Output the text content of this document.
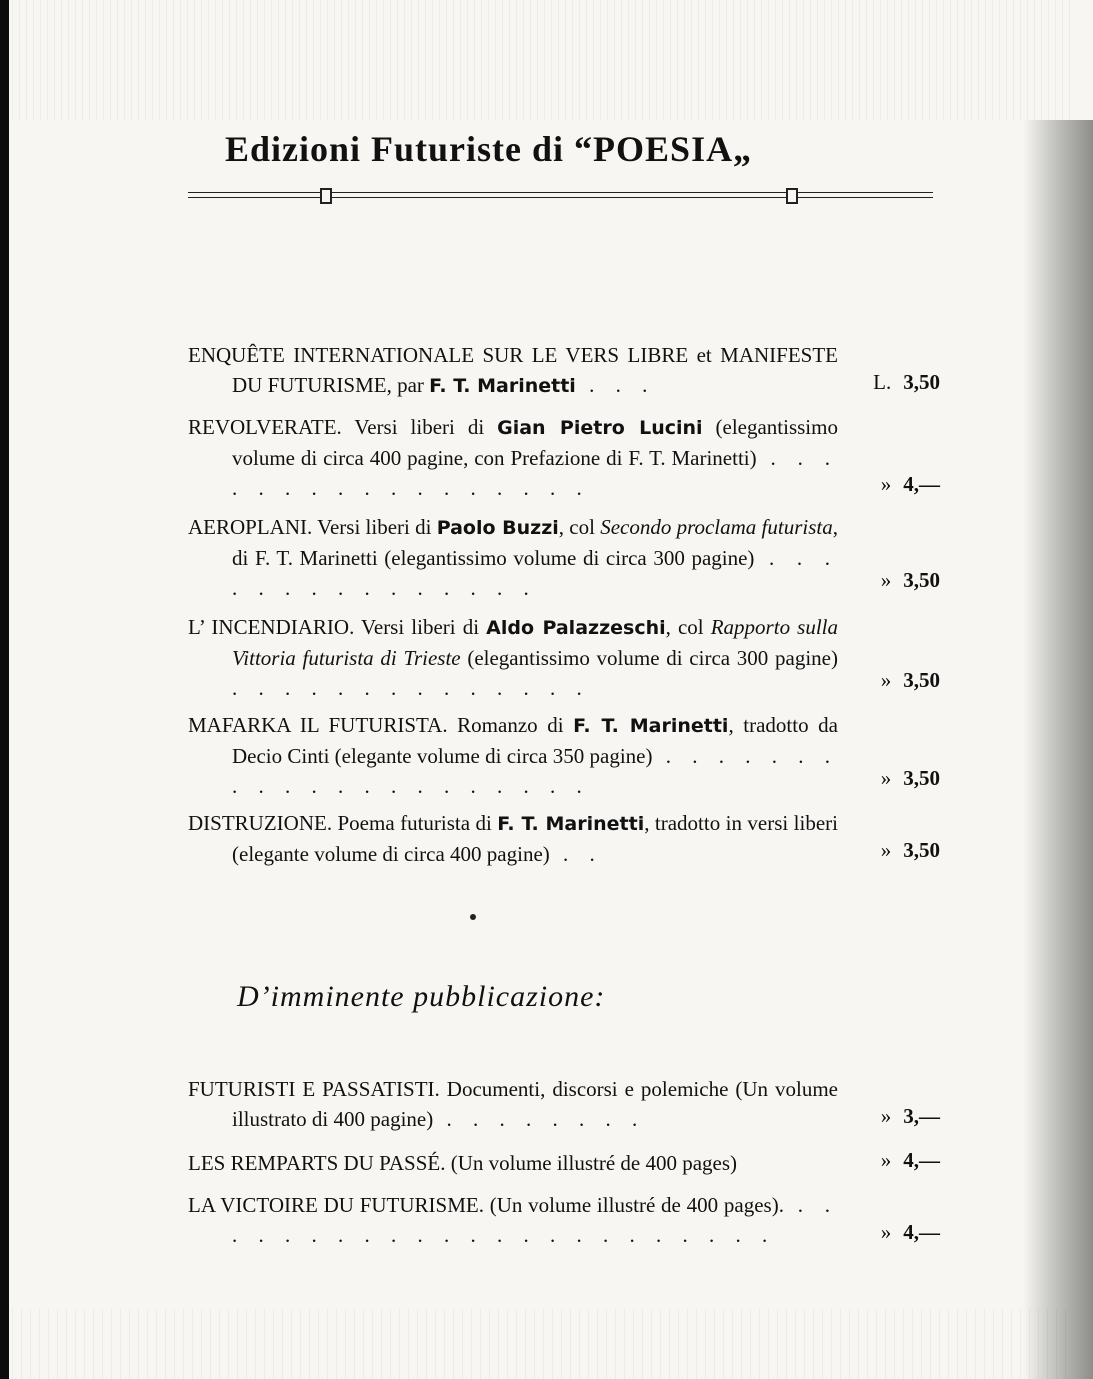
Edizioni Futuriste di “POESIA„
ENQUÊTE INTERNATIONALE SUR LE VERS LIBRE et MANIFESTE DU FUTURISME, par F. T. Marinetti . . .	L. 3,50
REVOLVERATE. Versi liberi di Gian Pietro Lucini (elegantissimo volume di circa 400 pagine, con Prefazione di F. T. Marinetti) . . . . . . . . . . . . . . . . .	» 4,—
AEROPLANI. Versi liberi di Paolo Buzzi, col Secondo proclama futurista, di F. T. Marinetti (elegantissimo volume di circa 300 pagine) . . . . . . . . . . . . . . .	» 3,50
L’ INCENDIARIO. Versi liberi di Aldo Palazzeschi, col Rapporto sulla Vittoria futurista di Trieste (elegantissimo volume di circa 300 pagine) . . . . . . . . . . . . . .	» 3,50
MAFARKA IL FUTURISTA. Romanzo di F. T. Marinetti, tradotto da Decio Cinti (elegante volume di circa 350 pagine) . . . . . . . . . . . . . . . . . . . . .	» 3,50
DISTRUZIONE. Poema futurista di F. T. Marinetti, tradotto in versi liberi (elegante volume di circa 400 pagine) . .	» 3,50
D’imminente pubblicazione:
FUTURISTI E PASSATISTI. Documenti, discorsi e polemiche (Un volume illustrato di 400 pagine) . . . . . . . .	» 3,—
LES REMPARTS DU PASSÉ. (Un volume illustré de 400 pages)	» 4,—
LA VICTOIRE DU FUTURISME. (Un volume illustré de 400 pages). . . . . . . . . . . . . . . . . . . . . . . .	» 4,—
